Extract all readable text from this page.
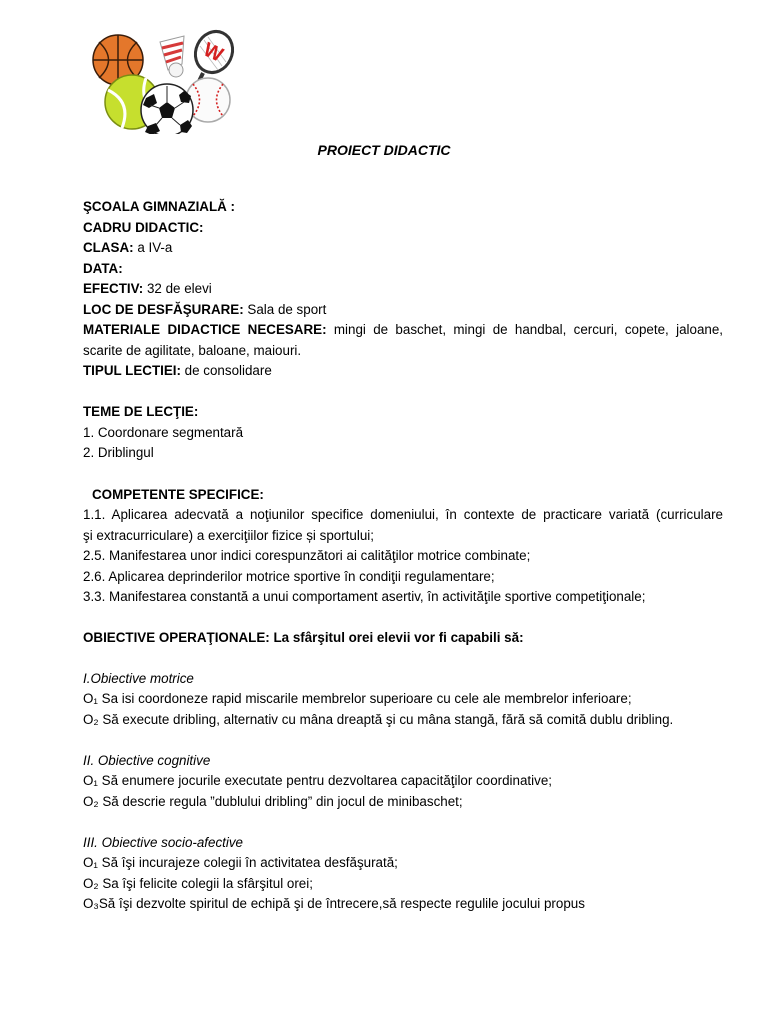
W
PROIECT DIDACTIC
ŞCOALA GIMNAZIALĂ :
CADRU DIDACTIC:
CLASA: a IV-a
DATA:
EFECTIV: 32 de elevi
LOC DE DESFĂŞURARE: Sala de sport
MATERIALE DIDACTICE NECESARE: mingi de baschet, mingi de handbal, cercuri, copete, jaloane,
scarite de agilitate, baloane, maiouri.
TIPUL LECTIEI: de consolidare
TEME DE LECŢIE:
1. Coordonare segmentară
2. Driblingul
COMPETENTE SPECIFICE:
1.1. Aplicarea adecvată a noţiunilor specifice domeniului, în contexte de practicare variată (curriculare
şi extracurriculare) a exerciţiilor fizice și sportului;
2.5. Manifestarea unor indici corespunzători ai calităţilor motrice combinate;
2.6. Aplicarea deprinderilor motrice sportive în condiţii regulamentare;
3.3. Manifestarea constantă a unui comportament asertiv, în activităţile sportive competiţionale;
OBIECTIVE OPERAŢIONALE: La sfârşitul orei elevii vor fi capabili să:
I.Obiective motrice
O₁ Sa isi coordoneze rapid miscarile membrelor superioare cu cele ale membrelor inferioare;
O₂ Să execute dribling, alternativ cu mâna dreaptă şi cu mâna stangă, fără să comită dublu dribling.
II. Obiective cognitive
O₁ Să enumere jocurile executate pentru dezvoltarea capacităţilor coordinative;
O₂ Să descrie regula ”dublului dribling” din jocul de minibaschet;
III. Obiective socio-afective
O₁ Să îşi incurajeze colegii în activitatea desfăşurată;
O₂ Sa îşi felicite colegii la sfârşitul orei;
O₃Să îşi dezvolte spiritul de echipă şi de întrecere,să respecte regulile jocului propus
